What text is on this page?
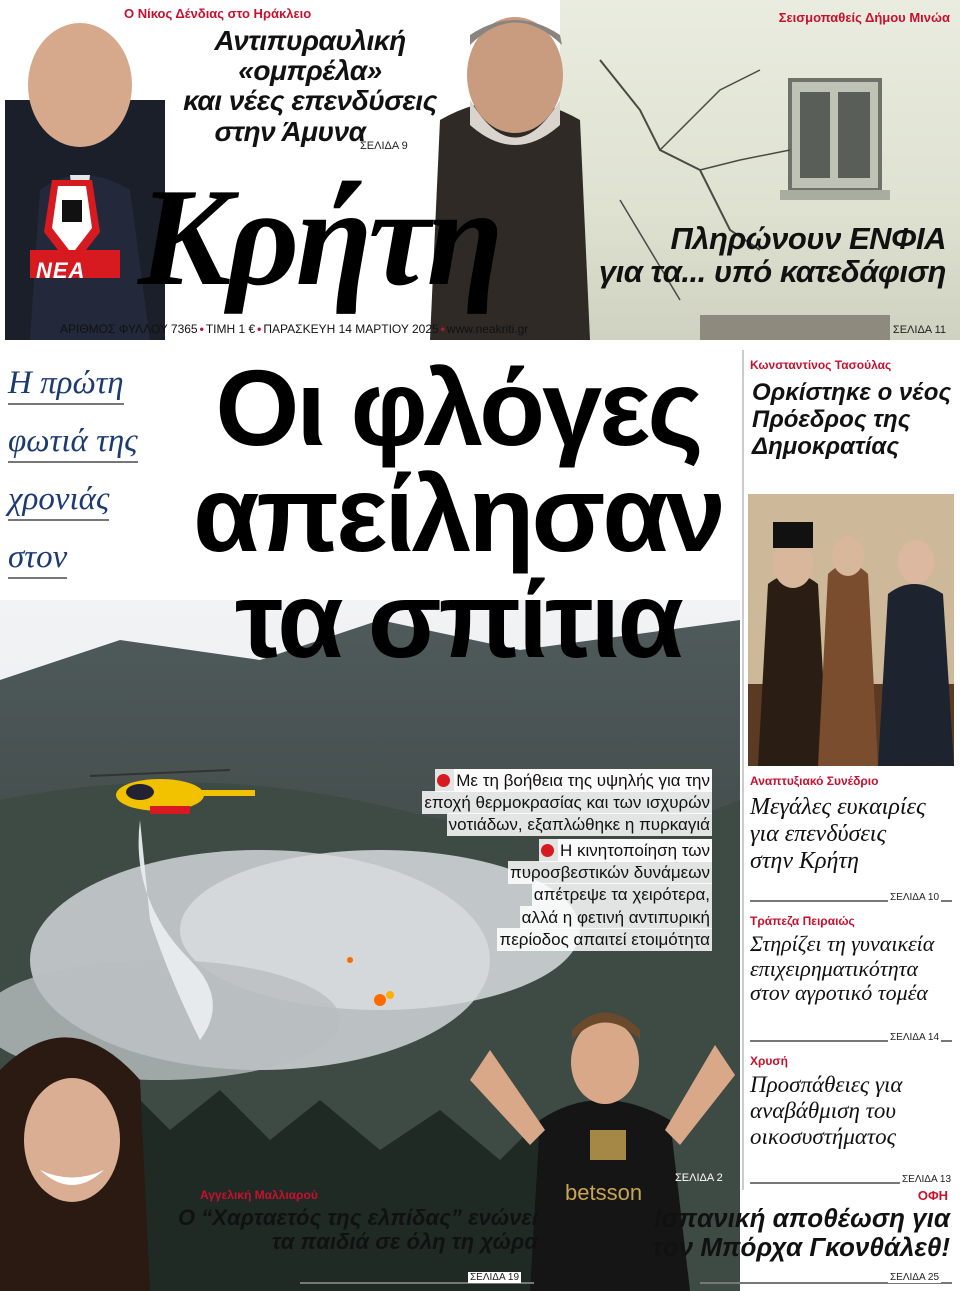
Ο Νίκος Δένδιας στο Ηράκλειο
Αντιπυραυλική «ομπρέλα»
και νέες επενδύσεις
στην Άμυνα
ΣΕΛΙΔΑ 9
Σεισμοπαθείς Δήμου Μινώα
Κρήτη
ΝΕΑ
Πληρώνουν ΕΝΦΙΑ
για τα... υπό κατεδάφιση
ΣΕΛΙΔΑ 11
ΑΡΙΘΜΟΣ ΦΥΛΛΟΥ 7365 • ΤΙΜΗ 1 € • ΠΑΡΑΣΚΕΥΗ 14 ΜΑΡΤΙΟΥ 2025 • www.neakriti.gr
Η πρώτη
φωτιά της
χρονιάς
στον
betsson
Οι φλόγες
απείλησαν
τα σπίτια

Με τη βοήθεια της υψηλής για την
εποχή θερμοκρασίας και των ισχυρών
νοτιάδων, εξαπλώθηκε η πυρκαγιά

Η κινητοποίηση των
πυροσβεστικών δυνάμεων
απέτρεψε τα χειρότερα,
αλλά η φετινή αντιπυρική
περίοδος απαιτεί ετοιμότητα

ΣΕΛΙΔΑ 2
Κωνσταντίνος Τασούλας
Ορκίστηκε ο νέος
Πρόεδρος της
Δημοκρατίας
ΣΕΛΙΔΑ 8
Αναπτυξιακό Συνέδριο
Μεγάλες ευκαιρίες
για επενδύσεις
στην Κρήτη
ΣΕΛΙΔΑ 10
Τράπεζα Πειραιώς
Στηρίζει τη γυναικεία
επιχειρηματικότητα
στον αγροτικό τομέα
ΣΕΛΙΔΑ 14
Χρυσή
Προσπάθειες για
αναβάθμιση του
οικοσυστήματος
ΣΕΛΙΔΑ 13
Αγγελική Μαλλιαρού
Ο “Χαρταετός της ελπίδας” ενώνει
τα παιδιά σε όλη τη χώρα
ΣΕΛΙΔΑ 19
ΟΦΗ
Ισπανική αποθέωση για
τον Μπόρχα Γκονθάλεθ!
ΣΕΛΙΔΑ 25
